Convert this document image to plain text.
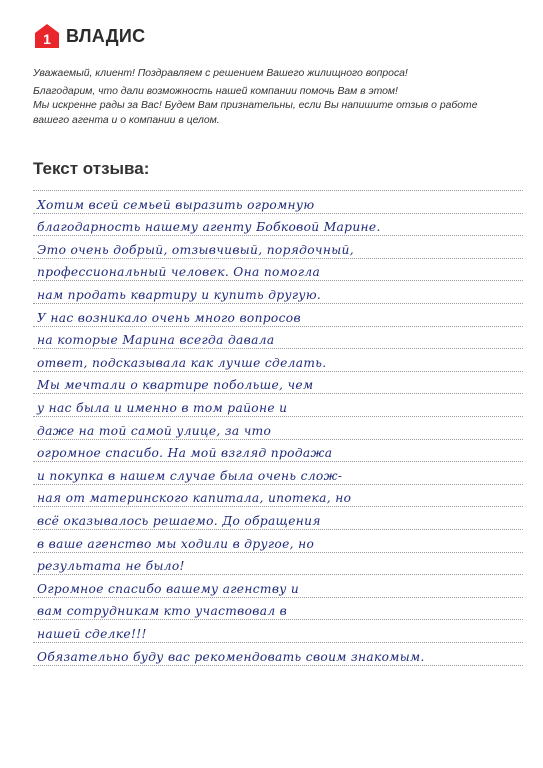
1 ВЛАДИС

Уважаемый, клиент! Поздравляем с решением Вашего жилищного вопроса!

Благодарим, что дали возможность нашей компании помочь Вам в этом!

Мы искренне рады за Вас! Будем Вам признательны, если Вы напишите отзыв о работе

вашего агента и о компании в целом.

Текст отзыва:
Хотим всей семьей выразить огромную
благодарность нашему агенту Бобковой Марине.
Это очень добрый, отзывчивый, порядочный,
профессиональный человек. Она помогла
нам продать квартиру и купить другую.
У нас возникало очень много вопросов
на которые Марина всегда давала
ответ, подсказывала как лучше сделать.
Мы мечтали о квартире побольше, чем
у нас была и именно в том районе и
даже на той самой улице, за что
огромное спасибо. На мой взгляд продажа
и покупка в нашем случае была очень слож-
ная от материнского капитала, ипотека, но
всё оказывалось решаемо. До обращения
в ваше агенство мы ходили в другое, но
результата не было!
Огромное спасибо вашему агенству и
вам сотрудникам кто участвовал в
нашей сделке!!!
Обязательно буду вас рекомендовать своим знакомым.
